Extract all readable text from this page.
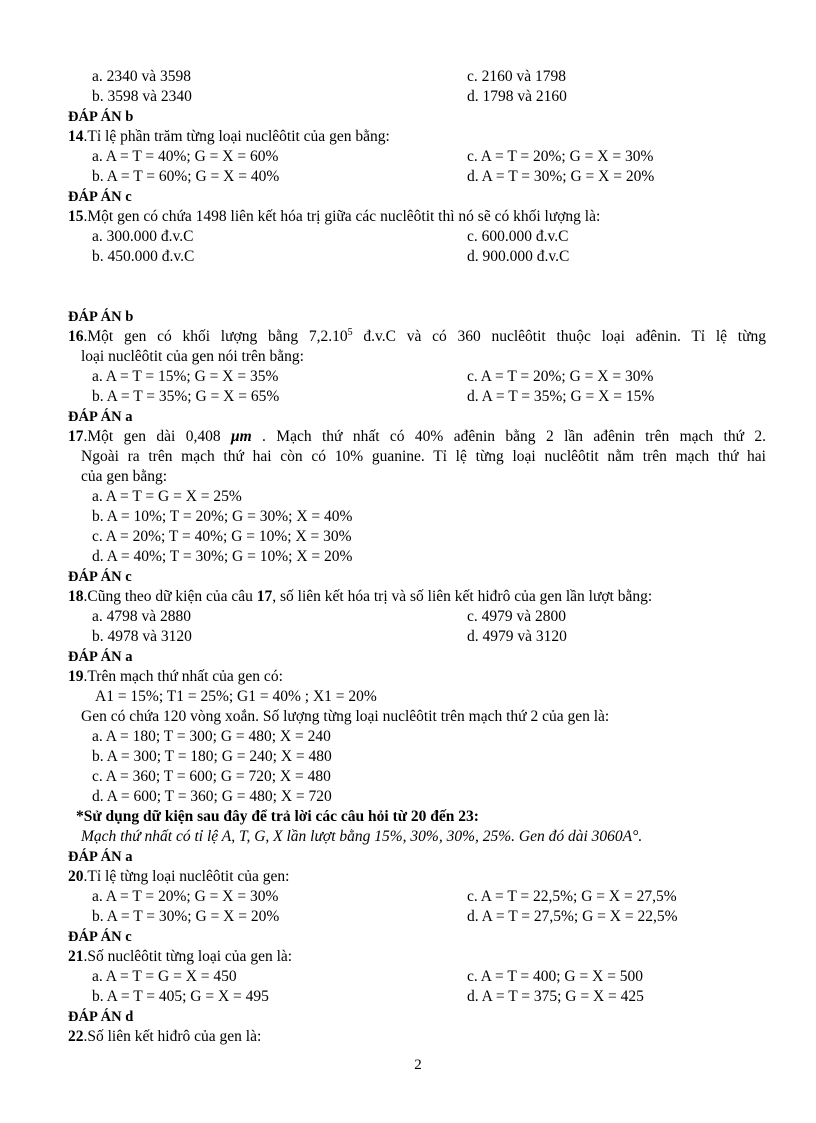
a. 2340 và 3598	c. 2160 và 1798
b. 3598 và 2340	d. 1798 và 2160
ĐÁP ÁN b
14.Tỉ lệ phần trăm từng loại nuclêôtit của gen bằng:
a. A = T = 40%; G = X = 60%	c. A = T = 20%; G = X = 30%
b. A = T = 60%; G = X = 40%	d. A = T = 30%; G = X = 20%
ĐÁP ÁN c
15.Một gen có chứa 1498 liên kết hóa trị giữa các nuclêôtit thì nó sẽ có khối lượng là:
a. 300.000 đ.v.C	c. 600.000 đ.v.C
b. 450.000 đ.v.C	d. 900.000 đ.v.C
ĐÁP ÁN b
16.Một gen có khối lượng bằng 7,2.10$^5$ đ.v.C và có 360 nuclêôtit thuộc loại ađênin. Tỉ lệ từng
loại nuclêôtit của gen nói trên bằng:
a. A = T = 15%; G = X = 35%	c. A = T = 20%; G = X = 30%
b. A = T = 35%; G = X = 65%	d. A = T = 35%; G = X = 15%
ĐÁP ÁN a
17.Một gen dài 0,408 μm . Mạch thứ nhất có 40% ađênin bằng 2 lần ađênin trên mạch thứ 2.
Ngoài ra trên mạch thứ hai còn có 10% guanine. Tỉ lệ từng loại nuclêôtit nằm trên mạch thứ hai
của gen bằng:
a. A = T = G = X = 25%
b. A = 10%; T = 20%; G = 30%; X = 40%
c. A = 20%; T = 40%; G = 10%; X = 30%
d. A = 40%; T = 30%; G = 10%; X = 20%
ĐÁP ÁN c
18.Cũng theo dữ kiện của câu 17, số liên kết hóa trị và số liên kết hiđrô của gen lần lượt bằng:
a. 4798 và 2880	c. 4979 và 2800
b. 4978 và 3120	d. 4979 và 3120
ĐÁP ÁN a
19.Trên mạch thứ nhất của gen có:
A1 = 15%; T1 = 25%; G1 = 40% ; X1 = 20%
Gen có chứa 120 vòng xoắn. Số lượng từng loại nuclêôtit trên mạch thứ 2 của gen là:
a. A = 180; T = 300; G = 480; X = 240
b. A = 300; T = 180; G = 240; X = 480
c. A = 360; T = 600; G = 720; X = 480
d. A = 600; T = 360; G = 480; X = 720
*Sử dụng dữ kiện sau đây để trả lời các câu hỏi từ 20 đến 23:
Mạch thứ nhất có tỉ lệ A, T, G, X lần lượt bằng 15%, 30%, 30%, 25%. Gen đó dài 3060A°.
ĐÁP ÁN a
20.Tỉ lệ từng loại nuclêôtit của gen:
a. A = T = 20%; G = X = 30%	c. A = T = 22,5%; G = X = 27,5%
b. A = T = 30%; G = X = 20%	d. A = T = 27,5%; G = X = 22,5%
ĐÁP ÁN c
21.Số nuclêôtit từng loại của gen là:
a. A = T = G = X = 450	c. A = T = 400; G = X = 500
b. A = T = 405; G = X = 495	d. A = T = 375; G = X = 425
ĐÁP ÁN d
22.Số liên kết hiđrô của gen là:
2
